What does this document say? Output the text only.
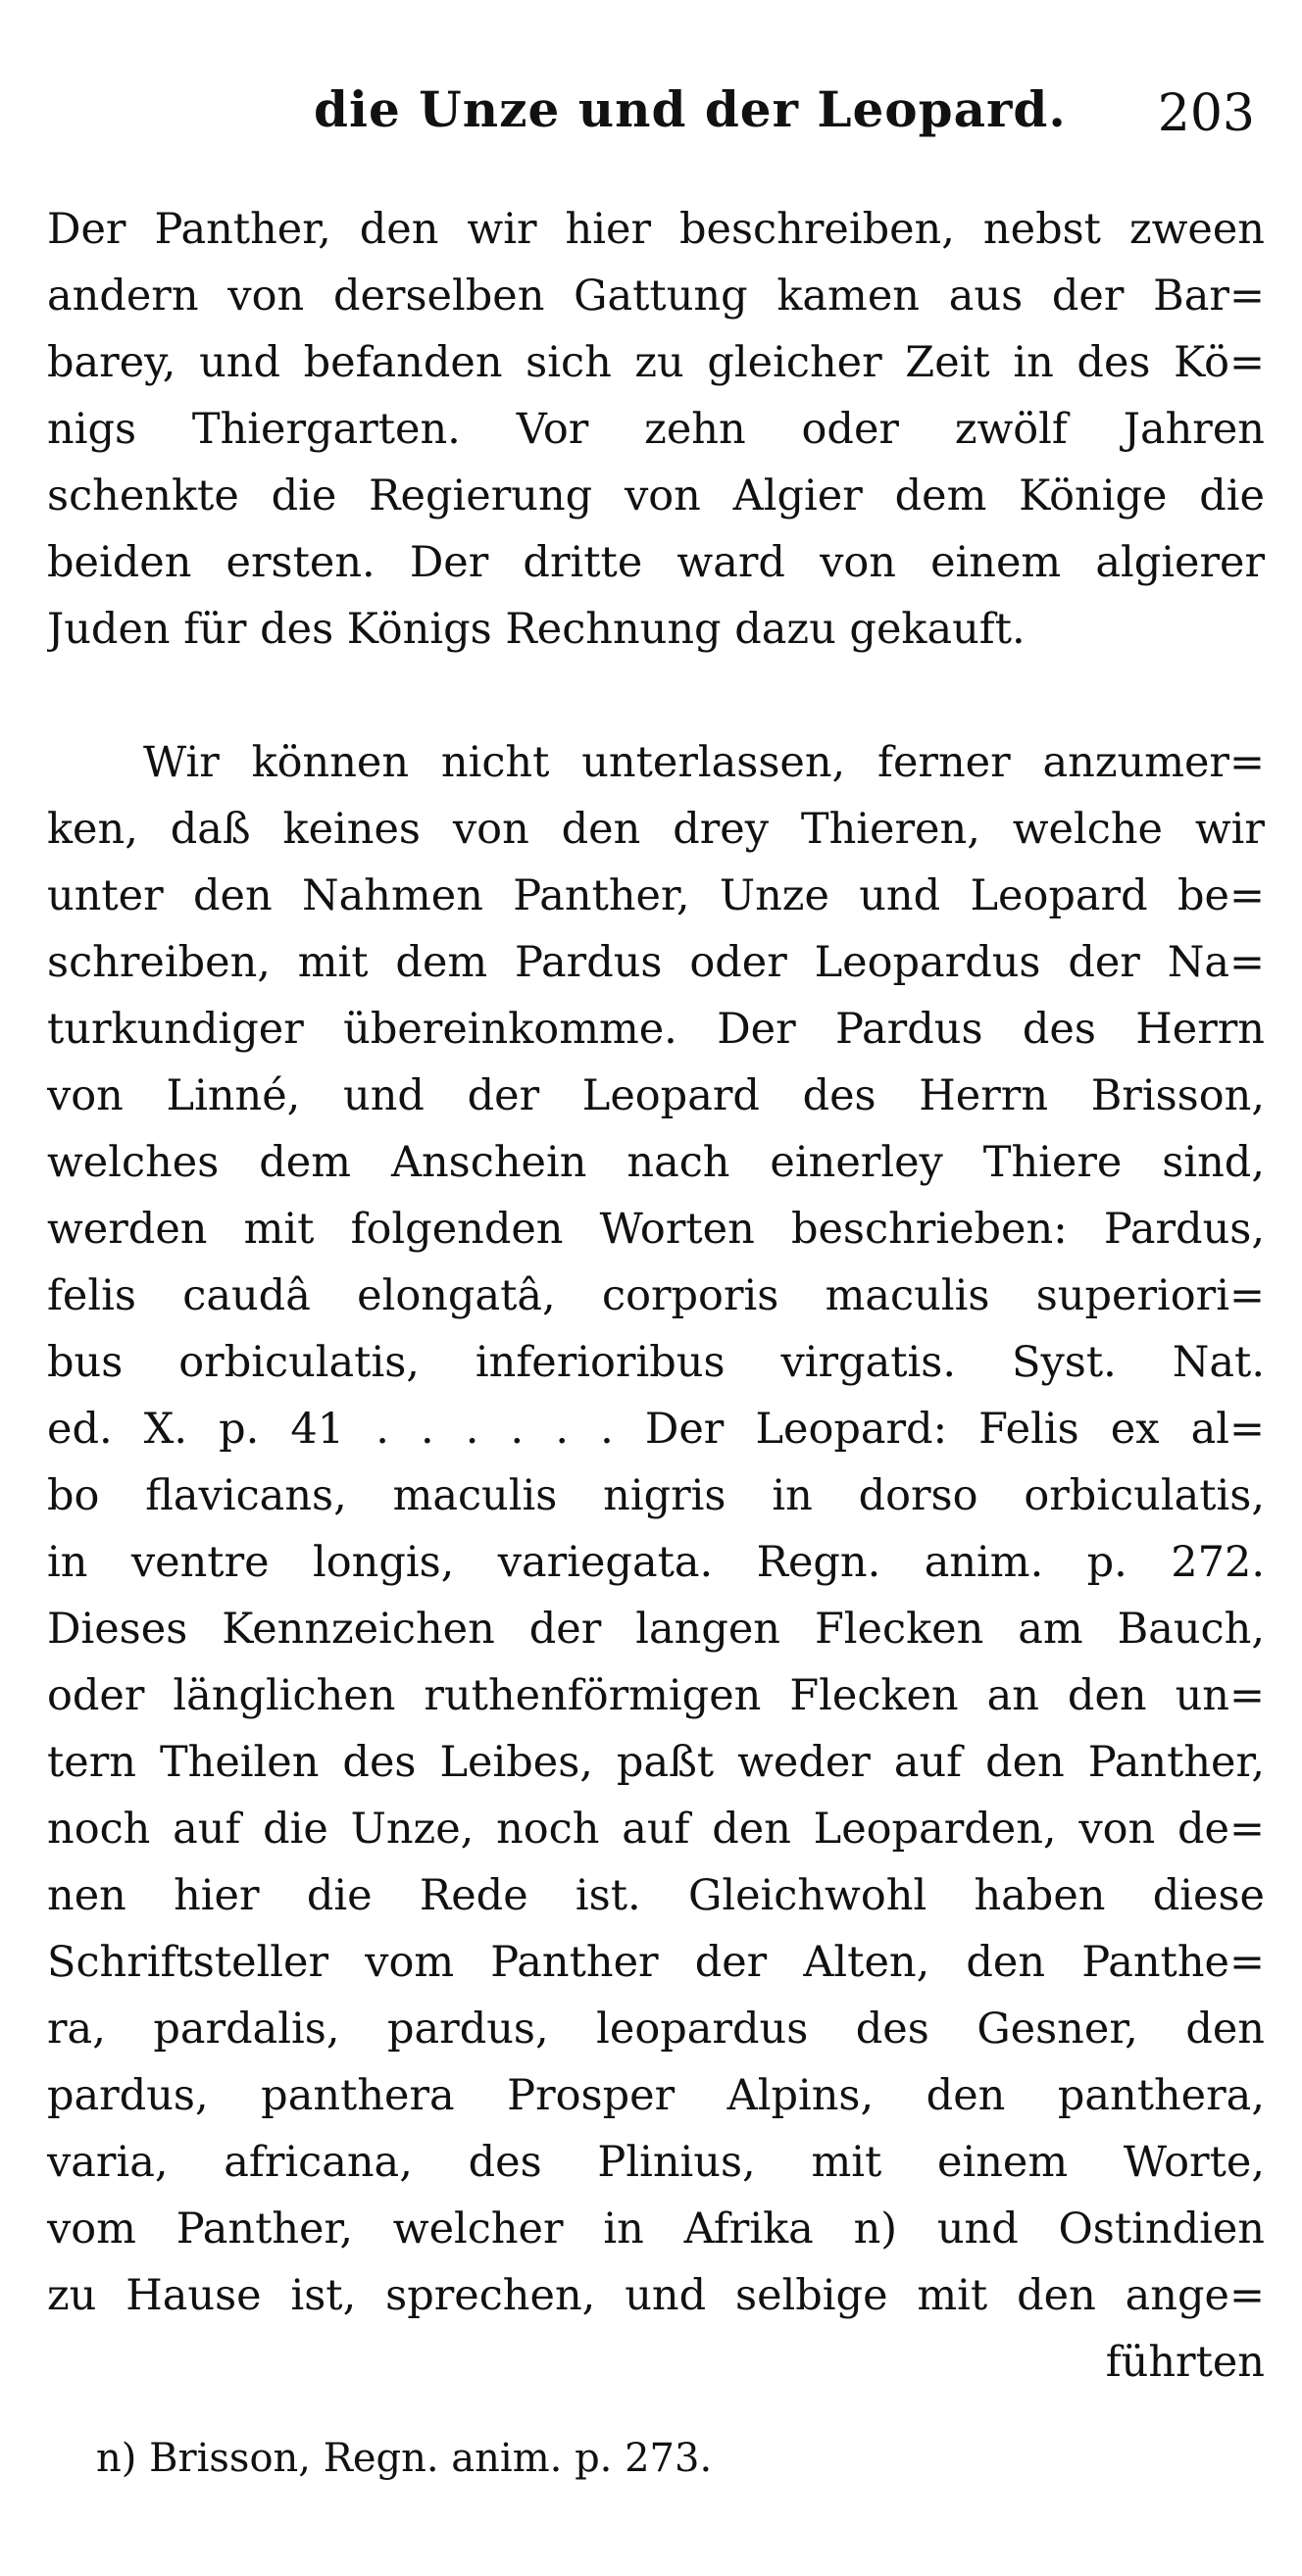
die Unze und der Leopard. 203
Der Panther, den wir hier beschreiben, nebst zween
andern von derselben Gattung kamen aus der Bar=
barey, und befanden sich zu gleicher Zeit in des Kö=
nigs Thiergarten. Vor zehn oder zwölf Jahren
schenkte die Regierung von Algier dem Könige die
beiden ersten. Der dritte ward von einem algierer
Juden für des Königs Rechnung dazu gekauft.
Wir können nicht unterlassen, ferner anzumer=
ken, daß keines von den drey Thieren, welche wir
unter den Nahmen Panther, Unze und Leopard be=
schreiben, mit dem Pardus oder Leopardus der Na=
turkundiger übereinkomme. Der Pardus des Herrn
von Linné, und der Leopard des Herrn Brisson,
welches dem Anschein nach einerley Thiere sind,
werden mit folgenden Worten beschrieben: Pardus,
felis caudâ elongatâ, corporis maculis superiori=
bus orbiculatis, inferioribus virgatis. Syst. Nat.
ed. X. p. 41 . . . . . . Der Leopard: Felis ex al=
bo flavicans, maculis nigris in dorso orbiculatis,
in ventre longis, variegata. Regn. anim. p. 272.
Dieses Kennzeichen der langen Flecken am Bauch,
oder länglichen ruthenförmigen Flecken an den un=
tern Theilen des Leibes, paßt weder auf den Panther,
noch auf die Unze, noch auf den Leoparden, von de=
nen hier die Rede ist. Gleichwohl haben diese
Schriftsteller vom Panther der Alten, den Panthe=
ra, pardalis, pardus, leopardus des Gesner, den
pardus, panthera Prosper Alpins, den panthera,
varia, africana, des Plinius, mit einem Worte,
vom Panther, welcher in Afrika n) und Ostindien
zu Hause ist, sprechen, und selbige mit den ange=
führten
n) Brisson, Regn. anim. p. 273.
